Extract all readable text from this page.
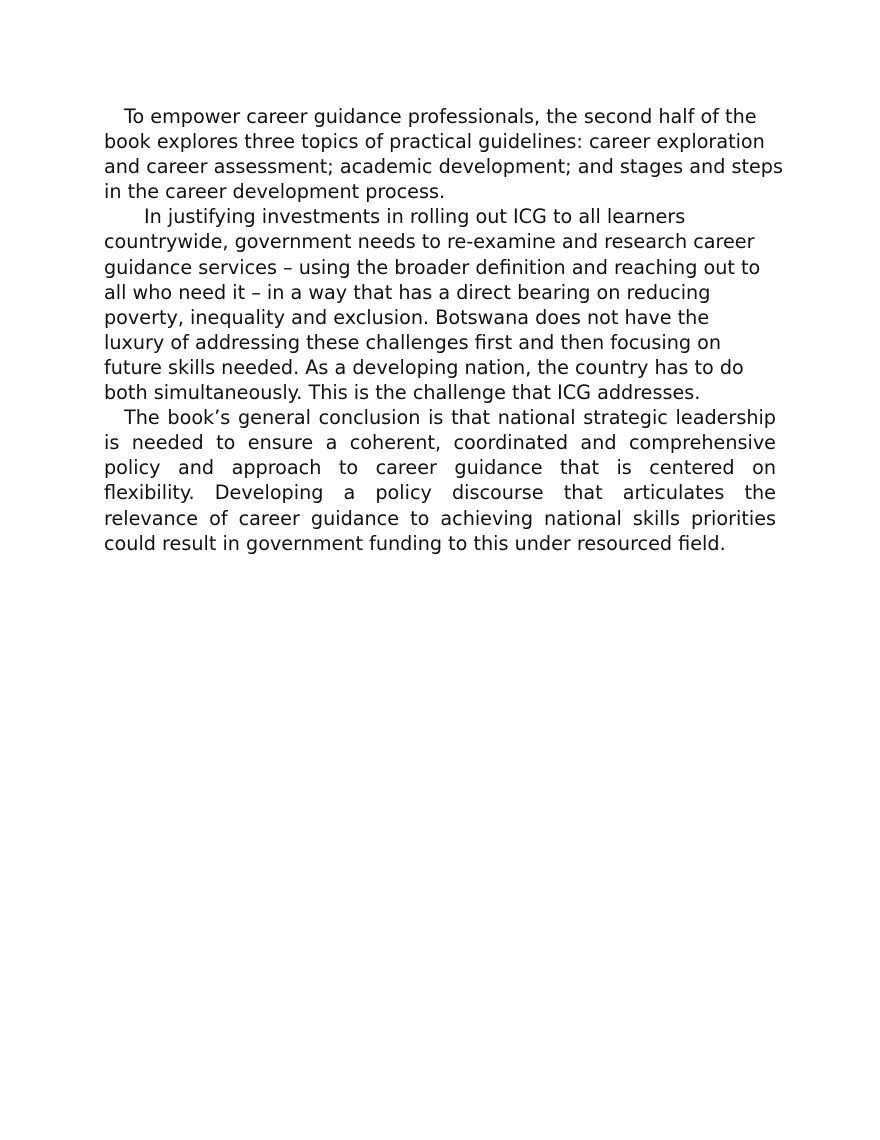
To empower career guidance professionals, the second half of the
book explores three topics of practical guidelines: career exploration
and career assessment; academic development; and stages and steps
in the career development process.
In justifying investments in rolling out ICG to all learners
countrywide, government needs to re-examine and research career
guidance services – using the broader definition and reaching out to
all who need it – in a way that has a direct bearing on reducing
poverty, inequality and exclusion. Botswana does not have the
luxury of addressing these challenges first and then focusing on
future skills needed. As a developing nation, the country has to do
both simultaneously. This is the challenge that ICG addresses.
The book’s general conclusion is that national strategic leadership
is needed to ensure a coherent, coordinated and comprehensive
policy and approach to career guidance that is centered on
flexibility. Developing a policy discourse that articulates the
relevance of career guidance to achieving national skills priorities
could result in government funding to this under resourced field.
